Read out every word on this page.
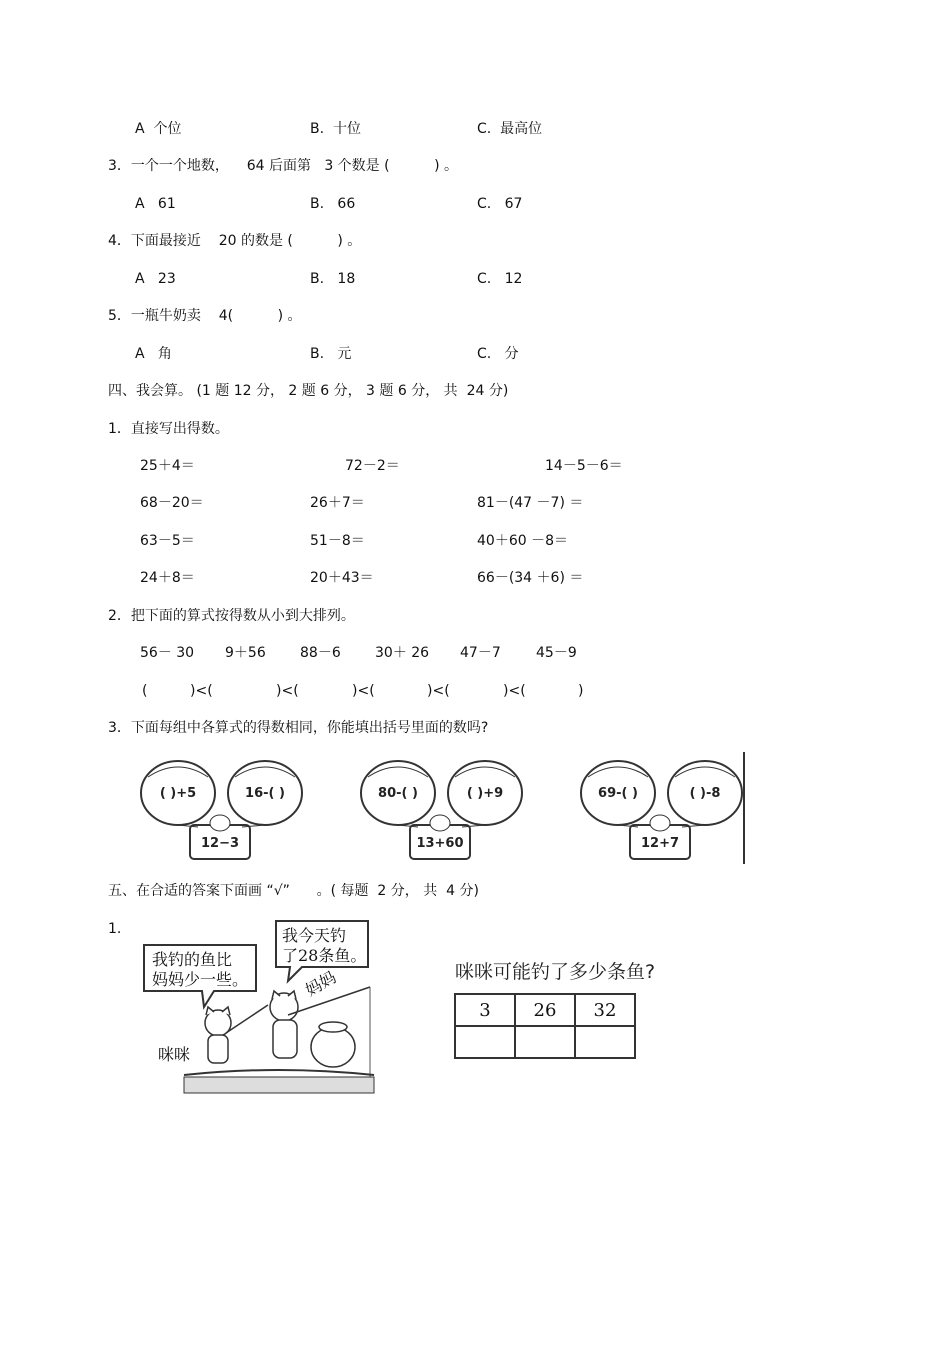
A  个位	B.  十位	C.  最高位
3．一个一个地数，    64 后面第   3 个数是 (          ) 。
A   61	B.   66	C.   67
4．下面最接近    20 的数是 (          ) 。
A   23	B.   18	C.   12
5．一瓶牛奶卖    4(          ) 。
A   角	B.   元	C.   分
四、我会算。 (1 题 12 分， 2 题 6 分， 3 题 6 分， 共  24 分)
1．直接写出得数。
25＋4＝	72－2＝	14－5－6＝
68－20＝	26＋7＝	81－(47 －7) ＝
63－5＝	51－8＝	40＋60 －8＝
24＋8＝	20＋43＝	66－(34 ＋6) ＝
2．把下面的算式按得数从小到大排列。
56－ 30 9＋56 88－6 30＋ 26 47－7	45－9
(	)<(	)<(	)<(	)<(	)<(	)
3．下面每组中各算式的得数相同，你能填出括号里面的数吗?
( )+5	16-( )
12−3
80-( )	( )+9
13+60
69-( )	( )-8
12+7
五、在合适的答案下面画 “√”      。( 每题  2 分， 共  4 分)
1.
我钓的鱼比
妈妈少一些。
我今天钓
了28条鱼。
妈妈
咪咪
咪咪可能钓了多少条鱼?
3	26	32
